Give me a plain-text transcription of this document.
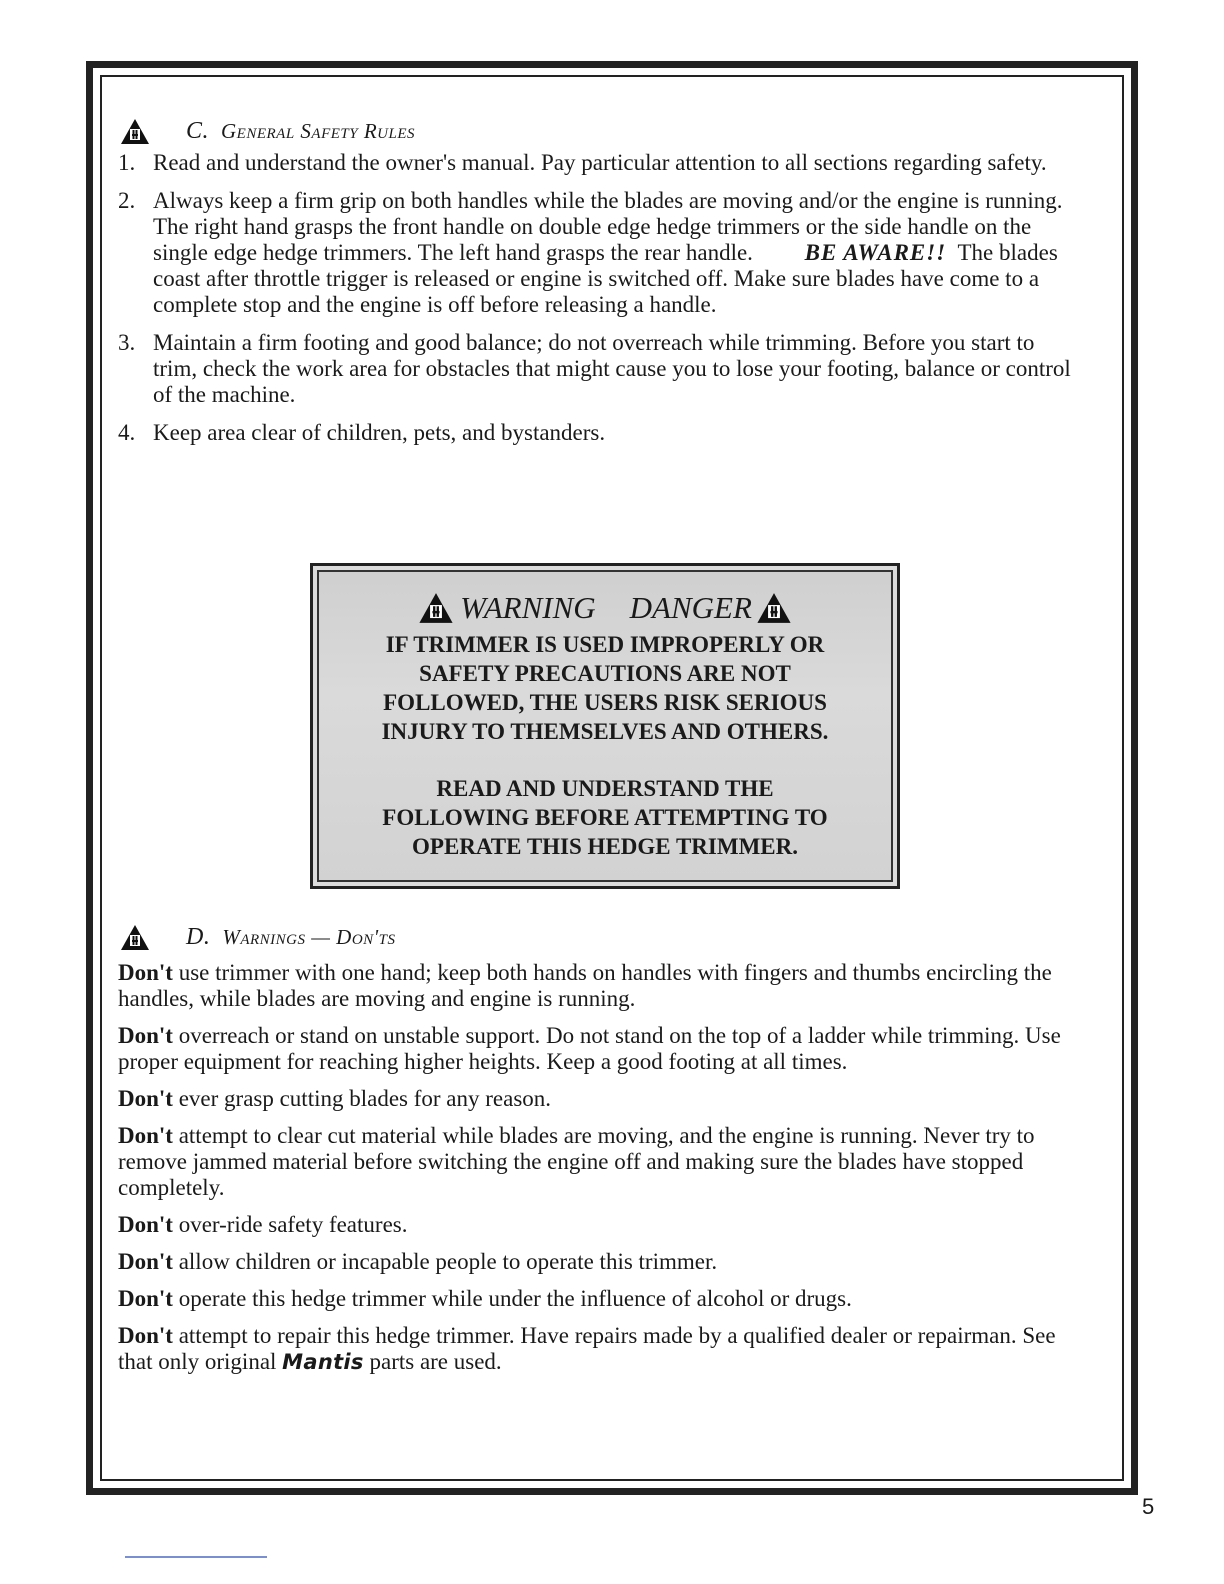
C. General Safety Rules
1. Read and understand the owner's manual. Pay particular attention to all sections regarding safety.
2. Always keep a firm grip on both handles while the blades are moving and/or the engine is running. The right hand grasps the front handle on double edge hedge trimmers or the side handle on the single edge hedge trimmers. The left hand grasps the rear handle. BE AWARE!! The blades coast after throttle trigger is released or engine is switched off. Make sure blades have come to a complete stop and the engine is off before releasing a handle.
3. Maintain a firm footing and good balance; do not overreach while trimming. Before you start to trim, check the work area for obstacles that might cause you to lose your footing, balance or control of the machine.
4. Keep area clear of children, pets, and bystanders.
WARNING DANGER
IF TRIMMER IS USED IMPROPERLY OR
SAFETY PRECAUTIONS ARE NOT
FOLLOWED, THE USERS RISK SERIOUS
INJURY TO THEMSELVES AND OTHERS.
READ AND UNDERSTAND THE
FOLLOWING BEFORE ATTEMPTING TO
OPERATE THIS HEDGE TRIMMER.
D. Warnings — Don'ts
Don't use trimmer with one hand; keep both hands on handles with fingers and thumbs encircling the handles, while blades are moving and engine is running.
Don't overreach or stand on unstable support. Do not stand on the top of a ladder while trimming. Use proper equipment for reaching higher heights. Keep a good footing at all times.
Don't ever grasp cutting blades for any reason.
Don't attempt to clear cut material while blades are moving, and the engine is running. Never try to remove jammed material before switching the engine off and making sure the blades have stopped completely.
Don't over-ride safety features.
Don't allow children or incapable people to operate this trimmer.
Don't operate this hedge trimmer while under the influence of alcohol or drugs.
Don't attempt to repair this hedge trimmer. Have repairs made by a qualified dealer or repairman. See that only original Mantis parts are used.
5
